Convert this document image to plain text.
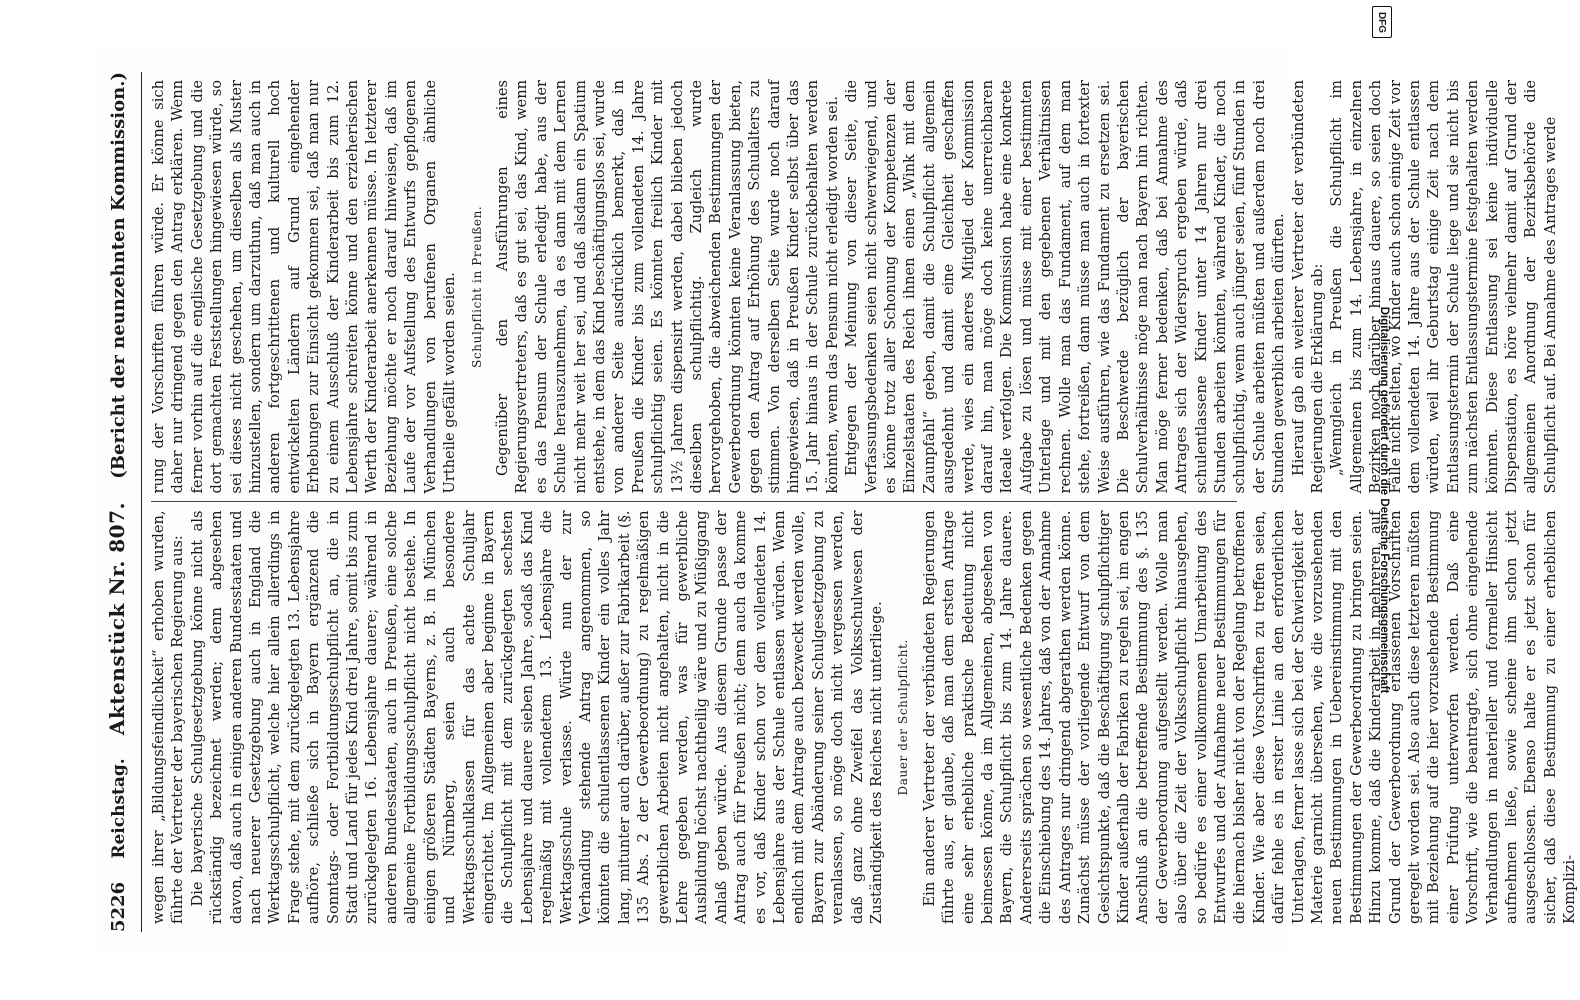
5226
Reichstag.
Aktenstück Nr. 807.
(Bericht der neunzehnten Kommission.)

wegen ihrer „Bildungsfeindlichkeit“ erhoben wurden, führte der Vertreter der bayerischen Regierung aus: Die bayerische Schulgesetzgebung könne nicht als rückständig bezeichnet werden; denn abgesehen davon, daß auch in einigen anderen Bundesstaaten und nach neuerer Gesetzgebung auch in England die Werktagsschulpflicht, welche hier allein allerdings in Frage stehe, mit dem zurückgelegten 13. Lebensjahre aufhöre, schließe sich in Bayern ergänzend die Sonntags- oder Fortbildungsschulpflicht an, die in Stadt und Land für jedes Kind drei Jahre, somit bis zum zurückgelegten 16. Lebensjahre dauere; während in anderen Bundesstaaten, auch in Preußen, eine solche allgemeine Fortbildungsschulpflicht nicht bestehe. In einigen größeren Städten Bayerns, z. B. in München und Nürnberg, seien auch besondere Werktagsschulklassen für das achte Schuljahr eingerichtet. Im Allgemeinen aber beginne in Bayern die Schulpflicht mit dem zurückgelegten sechsten Lebensjahre und dauere sieben Jahre, sodaß das Kind regelmäßig mit vollendetem 13. Lebensjahre die Werktagsschule verlasse. Würde nun der zur Verhandlung stehende Antrag angenommen, so könnten die schulentlassenen Kinder ein volles Jahr lang, mitunter auch darüber, außer zur Fabrikarbeit (§. 135 Abs. 2 der Gewerbeordnung) zu regelmäßigen gewerblichen Arbeiten nicht angehalten, nicht in die Lehre gegeben werden, was für gewerbliche Ausbildung höchst nachtheilig wäre und zu Müßiggang Anlaß geben würde. Aus diesem Grunde passe der Antrag auch für Preußen nicht; denn auch da komme es vor, daß Kinder schon vor dem vollendeten 14. Lebensjahre aus der Schule entlassen würden. Wenn endlich mit dem Antrage auch bezweckt werden wolle, Bayern zur Abänderung seiner Schulgesetzgebung zu veranlassen, so möge doch nicht vergessen werden, daß ganz ohne Zweifel das Volksschulwesen der Zuständigkeit des Reiches nicht unterliege. Dauer der Schulpflicht. Ein anderer Vertreter der verbündeten Regierungen führte aus, er glaube, daß man dem ersten Antrage eine sehr erhebliche praktische Bedeutung nicht beimessen könne, da im Allgemeinen, abgesehen von Bayern, die Schulpflicht bis zum 14. Jahre dauere. Andererseits sprächen so wesentliche Bedenken gegen die Einschiebung des 14. Jahres, daß von der Annahme des Antrages nur dringend abgerathen werden könne. Zunächst müsse der vorliegende Entwurf von dem Gesichtspunkte, daß die Beschäftigung schulpflichtiger Kinder außerhalb der Fabriken zu regeln sei, im engen Anschluß an die betreffende Bestimmung des §. 135 der Gewerbeordnung aufgestellt werden. Wolle man also über die Zeit der Volksschulpflicht hinausgehen, so bedürfe es einer vollkommenen Umarbeitung des Entwurfes und der Aufnahme neuer Bestimmungen für die hiernach bisher nicht von der Regelung betroffenen Kinder. Wie aber diese Vorschriften zu treffen seien, dafür fehle es in erster Linie an den erforderlichen Unterlagen, ferner lasse sich bei der Schwierigkeit der Materie garnicht übersehen, wie die vorzusehenden neuen Bestimmungen in Uebereinstimmung mit den Bestimmungen der Gewerbeordnung zu bringen seien. Hinzu komme, daß die Kinderarbeit in mehreren, auf Grund der Gewerbeordnung erlassenen Vorschriften geregelt worden sei. Also auch diese letzteren müßten mit Beziehung auf die hier vorzusehende Bestimmung einer Prüfung unterworfen werden. Daß eine Vorschrift, wie die beantragte, sich ohne eingehende Verhandlungen in materieller und formeller Hinsicht aufnehmen ließe, sowie scheine ihm schon jetzt ausgeschlossen. Ebenso halte er es jetzt schon für sicher, daß diese Bestimmung zu einer erheblichen Komplizi-

rung der Vorschriften führen würde. Er könne sich daher nur dringend gegen den Antrag erklären. Wenn ferner vorhin auf die englische Gesetzgebung und die dort gemachten Feststellungen hingewiesen würde, so sei dieses nicht geschehen, um dieselben als Muster hinzustellen, sondern um darzuthun, daß man auch in anderen fortgeschrittenen und kulturell hoch entwickelten Ländern auf Grund eingehender Erhebungen zur Einsicht gekommen sei, daß man nur zu einem Ausschluß der Kinderarbeit bis zum 12. Lebensjahre schreiten könne und den erzieherischen Werth der Kinderarbeit anerkennen müsse. In letzterer Beziehung möchte er noch darauf hinweisen, daß im Laufe der vor Aufstellung des Entwurfs gepflogenen Verhandlungen von berufenen Organen ähnliche Urtheile gefällt worden seien. Schulpflicht in Preußen. Gegenüber den Ausführungen eines Regierungsvertreters, daß es gut sei, das Kind, wenn es das Pensum der Schule erledigt habe, aus der Schule herauszunehmen, da es dann mit dem Lernen nicht mehr weit her sei, und daß alsdann ein Spatium entstehe, in dem das Kind beschäftigungslos sei, wurde von anderer Seite ausdrücklich bemerkt, daß in Preußen die Kinder bis zum vollendeten 14. Jahre schulpflichtig seien. Es könnten freilich Kinder mit 13½ Jahren dispensirt werden, dabei blieben jedoch dieselben schulpflichtig. Zugleich wurde hervorgehoben, die abweichenden Bestimmungen der Gewerbeordnung könnten keine Veranlassung bieten, gegen den Antrag auf Erhöhung des Schulalters zu stimmen. Von derselben Seite wurde noch darauf hingewiesen, daß in Preußen Kinder selbst über das 15. Jahr hinaus in der Schule zurückbehalten werden könnten, wenn das Pensum nicht erledigt worden sei. Entgegen der Meinung von dieser Seite, die Verfassungsbedenken seien nicht schwerwiegend, und es könne trotz aller Schonung der Kompetenzen der Einzelstaaten des Reich ihnen einen „Wink mit dem Zaunpfahl“ geben, damit die Schulpflicht allgemein ausgedehnt und damit eine Gleichheit geschaffen werde, wies ein anderes Mitglied der Kommission darauf hin, man möge doch keine unerreichbaren Ideale verfolgen. Die Kommission habe eine konkrete Aufgabe zu lösen und müsse mit einer bestimmten Unterlage und mit den gegebenen Verhältnissen rechnen. Wolle man das Fundament, auf dem man stehe, fortreißen, dann müsse man auch in fortexter Weise ausführen, wie das Fundament zu ersetzen sei. Die Beschwerde bezüglich der bayerischen Schulverhältnisse möge man nach Bayern hin richten. Man möge ferner bedenken, daß bei Annahme des Antrages sich der Widerspruch ergeben würde, daß schulentlassene Kinder unter 14 Jahren nur drei Stunden arbeiten könnten, während Kinder, die noch schulpflichtig, wenn auch jünger seien, fünf Stunden in der Schule arbeiten müßten und außerdem noch drei Stunden gewerblich arbeiten dürften. Hierauf gab ein weiterer Vertreter der verbündeten Regierungen die Erklärung ab: „Wenngleich in Preußen die Schulpflicht im Allgemeinen bis zum 14. Lebensjahre, in einzelnen Bezirken noch darüber hinaus dauere, so seien doch Fälle nicht selten, wo Kinder auch schon einige Zeit vor dem vollendeten 14. Jahre aus der Schule entlassen würden, weil ihr Geburtstag einige Zeit nach dem Entlassungstermin der Schule liege und sie nicht bis zum nächsten Entlassungstermine festgehalten werden könnten. Diese Entlassung sei keine individuelle Dispensation, es höre vielmehr damit auf Grund der allgemeinen Anordnung der Bezirksbehörde die Schulpflicht auf. Bei Annahme des Antrages werde

DFG
Digitalisierung gefördert durch die Deutsche Forschungsgemeinschaft
